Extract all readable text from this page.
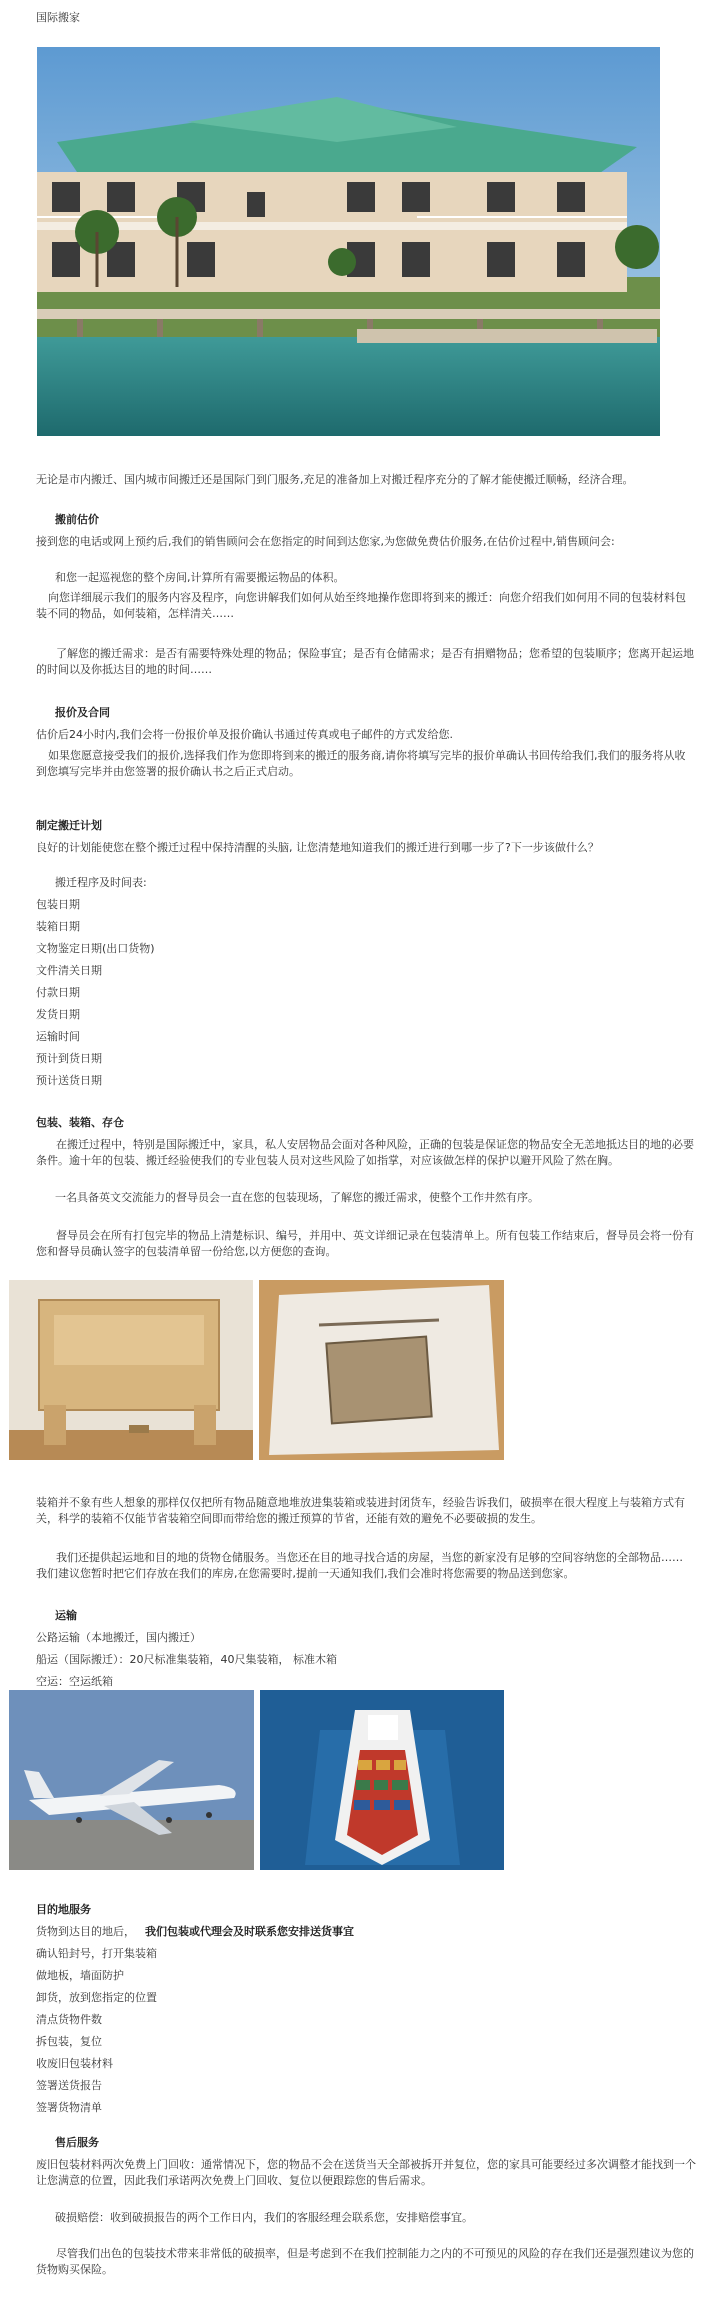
国际搬家

无论是市内搬迁、国内城市间搬迁还是国际门到门服务,充足的准备加上对搬迁程序充分的了解才能使搬迁顺畅，经济合理。

搬前估价

接到您的电话或网上预约后,我们的销售顾问会在您指定的时间到达您家,为您做免费估价服务,在估价过程中,销售顾问会:

和您一起巡视您的整个房间,计算所有需要搬运物品的体积。

向您详细展示我们的服务内容及程序，向您讲解我们如何从始至终地操作您即将到来的搬迁：向您介绍我们如何用不同的包装材料包装不同的物品，如何装箱，怎样清关……

了解您的搬迁需求：是否有需要特殊处理的物品；保险事宜；是否有仓储需求；是否有捐赠物品；您希望的包装顺序；您离开起运地的时间以及你抵达目的地的时间……

报价及合同

估价后24小时内,我们会将一份报价单及报价确认书通过传真或电子邮件的方式发给您.

如果您愿意接受我们的报价,选择我们作为您即将到来的搬迁的服务商,请你将填写完毕的报价单确认书回传给我们,我们的服务将从收到您填写完毕并由您签署的报价确认书之后正式启动。

制定搬迁计划

良好的计划能使您在整个搬迁过程中保持清醒的头脑, 让您清楚地知道我们的搬迁进行到哪一步了?下一步该做什么？

搬迁程序及时间表:

包装日期

装箱日期

文物鉴定日期(出口货物)

文件清关日期

付款日期

发货日期

运输时间

预计到货日期

预计送货日期

包装、装箱、存仓

在搬迁过程中，特别是国际搬迁中，家具，私人安居物品会面对各种风险，正确的包装是保证您的物品安全无恙地抵达目的地的必要条件。逾十年的包装、搬迁经验使我们的专业包装人员对这些风险了如指掌，对应该做怎样的保护以避开风险了然在胸。

一名具备英文交流能力的督导员会一直在您的包装现场，了解您的搬迁需求，使整个工作井然有序。

督导员会在所有打包完毕的物品上清楚标识、编号，并用中、英文详细记录在包装清单上。所有包装工作结束后，督导员会将一份有您和督导员确认签字的包装清单留一份给您,以方便您的查询。

装箱并不象有些人想象的那样仅仅把所有物品随意地堆放进集装箱或装进封闭货车，经验告诉我们，破损率在很大程度上与装箱方式有关，科学的装箱不仅能节省装箱空间即而带给您的搬迁预算的节省，还能有效的避免不必要破损的发生。

我们还提供起运地和目的地的货物仓储服务。当您还在目的地寻找合适的房屋，当您的新家没有足够的空间容纳您的全部物品…… 我们建议您暂时把它们存放在我们的库房,在您需要时,提前一天通知我们,我们会准时将您需要的物品送到您家。

运输

公路运输（本地搬迁，国内搬迁）

船运（国际搬迁）：20尺标准集装箱，40尺集装箱， 标准木箱

空运：空运纸箱

目的地服务

货物到达目的地后， 我们包装或代理会及时联系您安排送货事宜

确认铅封号，打开集装箱

做地板，墙面防护

卸货，放到您指定的位置

清点货物件数

拆包装，复位

收废旧包装材料

签署送货报告

签署货物清单

售后服务

废旧包装材料两次免费上门回收：通常情况下，您的物品不会在送货当天全部被拆开并复位，您的家具可能要经过多次调整才能找到一个让您满意的位置，因此我们承诺两次免费上门回收、复位以便跟踪您的售后需求。

破损赔偿：收到破损报告的两个工作日内，我们的客服经理会联系您，安排赔偿事宜。

尽管我们出色的包装技术带来非常低的破损率，但是考虑到不在我们控制能力之内的不可预见的风险的存在我们还是强烈建议为您的货物购买保险。
